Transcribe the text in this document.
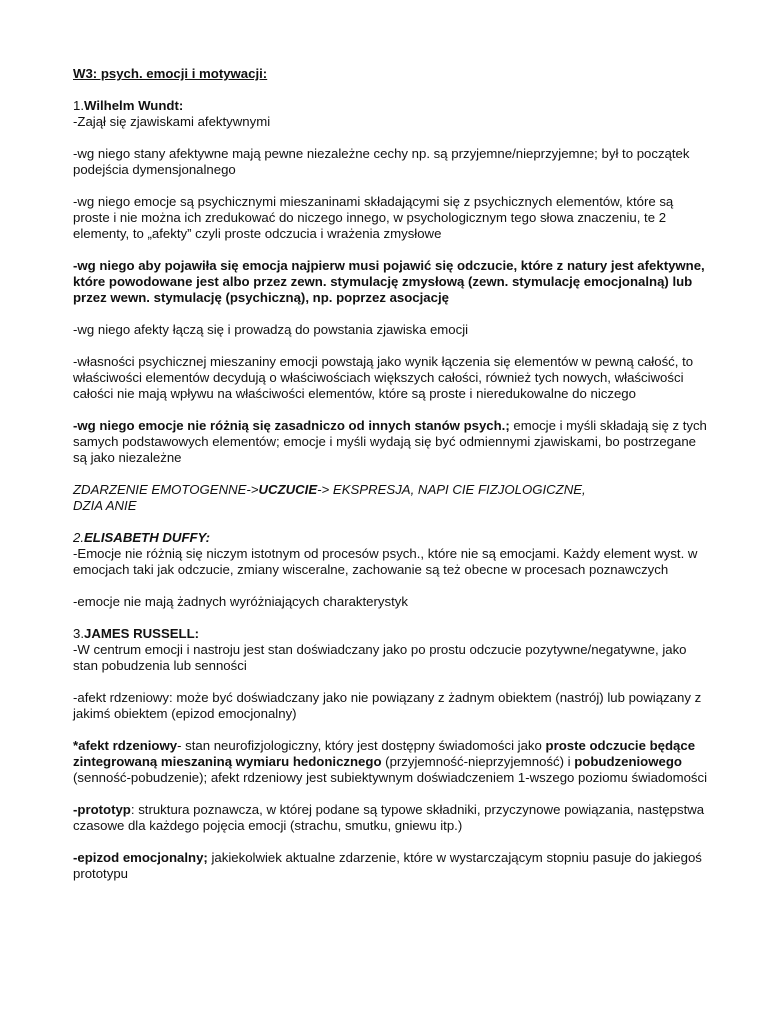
W3: psych. emocji i motywacji:

1.Wilhelm Wundt:

-Zajął się zjawiskami afektywnymi

-wg niego stany afektywne mają pewne niezależne cechy np. są przyjemne/nieprzyjemne; był to początek podejścia dymensjonalnego

-wg niego emocje są psychicznymi mieszaninami składającymi się z psychicznych elementów, które są proste i nie można ich zredukować do niczego innego, w psychologicznym tego słowa znaczeniu, te 2 elementy, to „afekty” czyli proste odczucia i wrażenia zmysłowe

-wg niego aby pojawiła się emocja najpierw musi pojawić się odczucie, które z natury jest afektywne, które powodowane jest albo przez zewn. stymulację zmysłową (zewn. stymulację emocjonalną) lub przez wewn. stymulację (psychiczną), np. poprzez asocjację

-wg niego afekty łączą się i prowadzą do powstania zjawiska emocji

-własności psychicznej mieszaniny emocji powstają jako wynik łączenia się elementów w pewną całość, to właściwości elementów decydują o właściwościach większych całości, również tych nowych, właściwości całości nie mają wpływu na właściwości elementów, które są proste i nieredukowalne do niczego

-wg niego emocje nie różnią się zasadniczo od innych stanów psych.; emocje i myśli składają się z tych samych podstawowych elementów; emocje i myśli wydają się być odmiennymi zjawiskami, bo postrzegane są jako niezależne

ZDARZENIE EMOTOGENNE->UCZUCIE-> EKSPRESJA, NAPI CIE FIZJOLOGICZNE,

DZIA ANIE

2.ELISABETH DUFFY:

-Emocje nie różnią się niczym istotnym od procesów psych., które nie są emocjami. Każdy element wyst. w emocjach taki jak odczucie, zmiany wisceralne, zachowanie są też obecne w procesach poznawczych

-emocje nie mają żadnych wyróżniających charakterystyk

3.JAMES RUSSELL:

-W centrum emocji i nastroju jest stan doświadczany jako po prostu odczucie pozytywne/negatywne, jako stan pobudzenia lub senności

-afekt rdzeniowy: może być doświadczany jako nie powiązany z żadnym obiektem (nastrój) lub powiązany z jakimś obiektem (epizod emocjonalny)

*afekt rdzeniowy- stan neurofizjologiczny, który jest dostępny świadomości jako proste odczucie będące zintegrowaną mieszaniną wymiaru hedonicznego (przyjemność-nieprzyjemność) i pobudzeniowego (senność-pobudzenie); afekt rdzeniowy jest subiektywnym doświadczeniem 1-wszego poziomu świadomości

-prototyp: struktura poznawcza, w której podane są typowe składniki, przyczynowe powiązania, następstwa czasowe dla każdego pojęcia emocji (strachu, smutku, gniewu itp.)

-epizod emocjonalny; jakiekolwiek aktualne zdarzenie, które w wystarczającym stopniu pasuje do jakiegoś prototypu
